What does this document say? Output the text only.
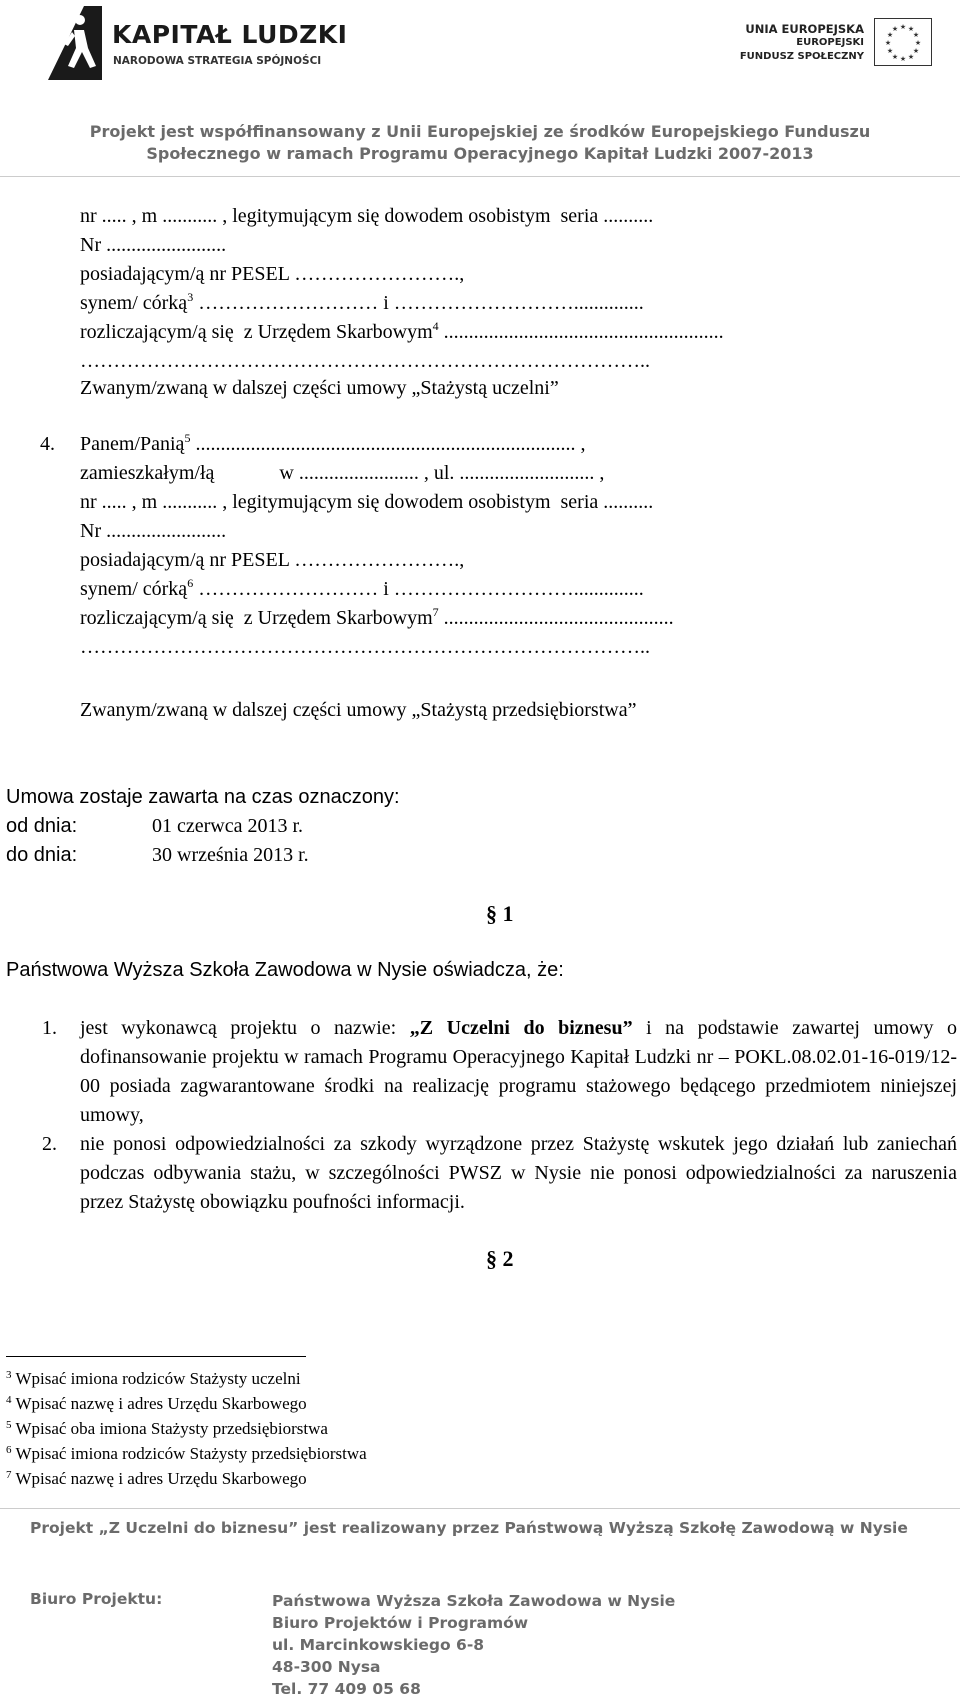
KAPITAŁ LUDZKI
NARODOWA STRATEGIA SPÓJNOŚCI
UNIA EUROPEJSKA
EUROPEJSKI
FUNDUSZ SPOŁECZNY
★ ★
★
★
★
★
★
★
★
★
★
★
Projekt jest współfinansowany z Unii Europejskiej ze środków Europejskiego Funduszu
Społecznego w ramach Programu Operacyjnego Kapitał Ludzki 2007-2013
nr ..... , m ........... , legitymującym się dowodem osobistym  seria ..........
Nr ........................
posiadającym/ą nr PESEL …………………….,
synem/ córką$^3$ ……………………… i ………………………..............
rozliczającym/ą się  z Urzędem Skarbowym$^4$ ........................................................
…………………………………………………………………………..
Zwanym/zwaną w dalszej części umowy „Stażystą uczelni”
4. Panem/Panią$^5$ ............................................................................ ,
zamieszkałym/łą             w ........................ , ul. ........................... ,
nr ..... , m ........... , legitymującym się dowodem osobistym  seria ..........
Nr ........................
posiadającym/ą nr PESEL …………………….,
synem/ córką$^6$ ……………………… i ………………………..............
rozliczającym/ą się  z Urzędem Skarbowym$^7$ ..............................................
…………………………………………………………………………..
Zwanym/zwaną w dalszej części umowy „Stażystą przedsiębiorstwa”
Umowa zostaje zawarta na czas oznaczony:
od dnia:	01 czerwca 2013 r.
do dnia:	30 września 2013 r.
§ 1
Państwowa Wyższa Szkoła Zawodowa w Nysie oświadcza, że:
1. jest wykonawcą projektu o nazwie: „Z Uczelni do biznesu” i na podstawie zawartej umowy o dofinansowanie projektu w ramach Programu Operacyjnego Kapitał Ludzki nr – POKL.08.02.01-16-019/12-00 posiada zagwarantowane środki na realizację programu stażowego będącego przedmiotem niniejszej umowy,
2. nie ponosi odpowiedzialności za szkody wyrządzone przez Stażystę wskutek jego działań lub zaniechań podczas odbywania stażu, w szczególności PWSZ w Nysie nie ponosi odpowiedzialności za naruszenia przez Stażystę obowiązku poufności informacji.
§ 2
$^3$ Wpisać imiona rodziców Stażysty uczelni
$^4$ Wpisać nazwę i adres Urzędu Skarbowego
$^5$ Wpisać oba imiona Stażysty przedsiębiorstwa
$^6$ Wpisać imiona rodziców Stażysty przedsiębiorstwa
$^7$ Wpisać nazwę i adres Urzędu Skarbowego
Projekt „Z Uczelni do biznesu” jest realizowany przez Państwową Wyższą Szkołę Zawodową w Nysie
Biuro Projektu:	Państwowa Wyższa Szkoła Zawodowa w Nysie
Biuro Projektów i Programów
ul. Marcinkowskiego 6-8
48-300 Nysa
Tel. 77 409 05 68
